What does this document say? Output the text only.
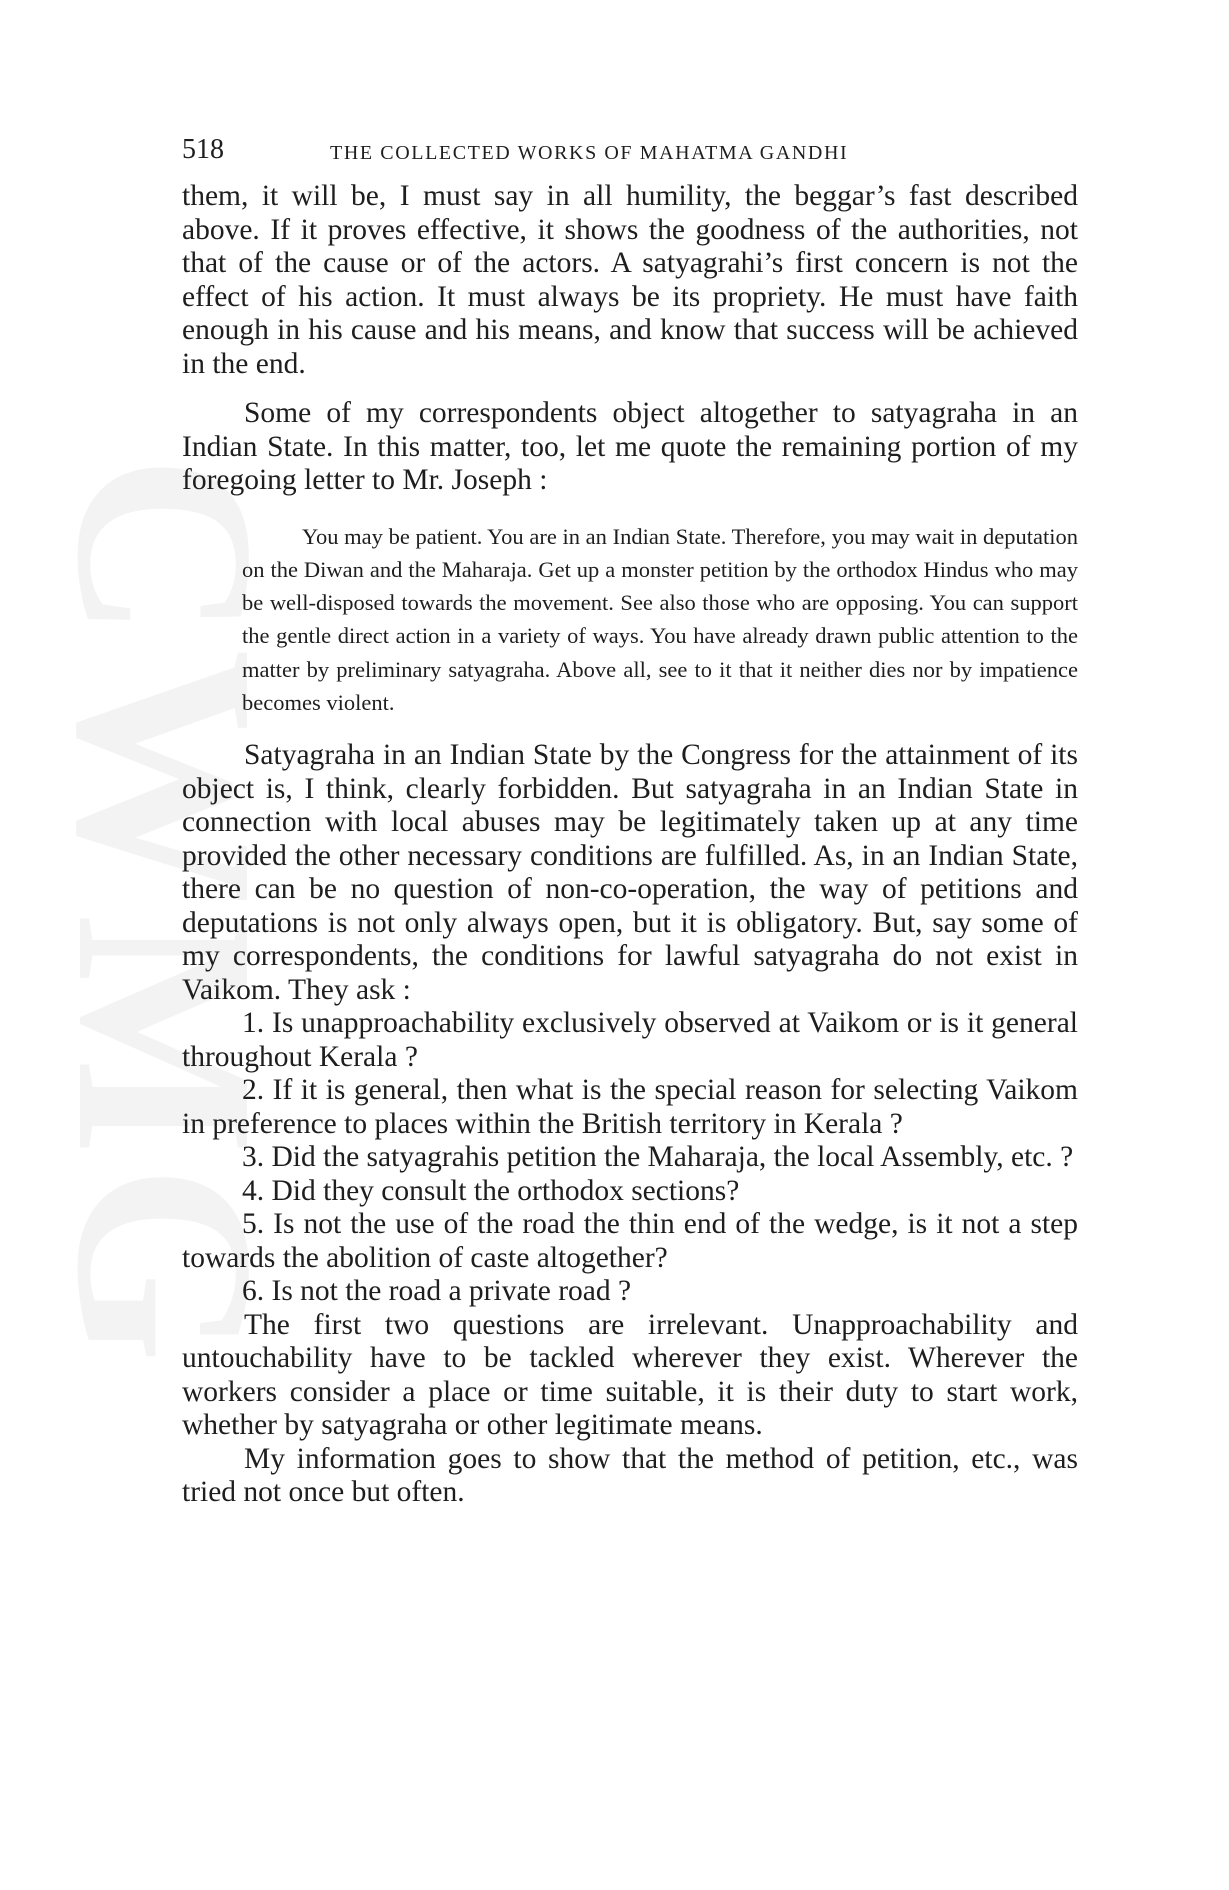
518	THE COLLECTED WORKS OF MAHATMA GANDHI

them, it will be, I must say in all humility, the beggar’s fast described above. If it proves effective, it shows the goodness of the authorities, not that of the cause or of the actors. A satyagrahi’s first concern is not the effect of his action. It must always be its propriety. He must have faith enough in his cause and his means, and know that success will be achieved in the end.

Some of my correspondents object altogether to satyagraha in an Indian State. In this matter, too, let me quote the remaining portion of my foregoing letter to Mr. Joseph :

You may be patient. You are in an Indian State. Therefore, you may wait in deputation on the Diwan and the Maharaja. Get up a monster petition by the orthodox Hindus who may be well-disposed towards the movement. See also those who are opposing. You can support the gentle direct action in a variety of ways. You have already drawn public attention to the matter by preliminary satyagraha. Above all, see to it that it neither dies nor by impatience becomes violent.

Satyagraha in an Indian State by the Congress for the attainment of its object is, I think, clearly forbidden. But satyagraha in an Indian State in connection with local abuses may be legitimately taken up at any time provided the other necessary conditions are fulfilled. As, in an Indian State, there can be no question of non-co-operation, the way of petitions and deputations is not only always open, but it is obligatory. But, say some of my correspondents, the conditions for lawful satyagraha do not exist in Vaikom. They ask :

1. Is unapproachability exclusively observed at Vaikom or is it general throughout Kerala ?

2. If it is general, then what is the special reason for selecting Vaikom in preference to places within the British territory in Kerala ?

3. Did the satyagrahis petition the Maharaja, the local Assembly, etc. ?

4. Did they consult the orthodox sections?

5. Is not the use of the road the thin end of the wedge, is it not a step towards the abolition of caste altogether?

6. Is not the road a private road ?

The first two questions are irrelevant. Unapproachability and untouchability have to be tackled wherever they exist. Wherever the workers consider a place or time suitable, it is their duty to start work, whether by satyagraha or other legitimate means.

My information goes to show that the method of petition, etc., was tried not once but often.
